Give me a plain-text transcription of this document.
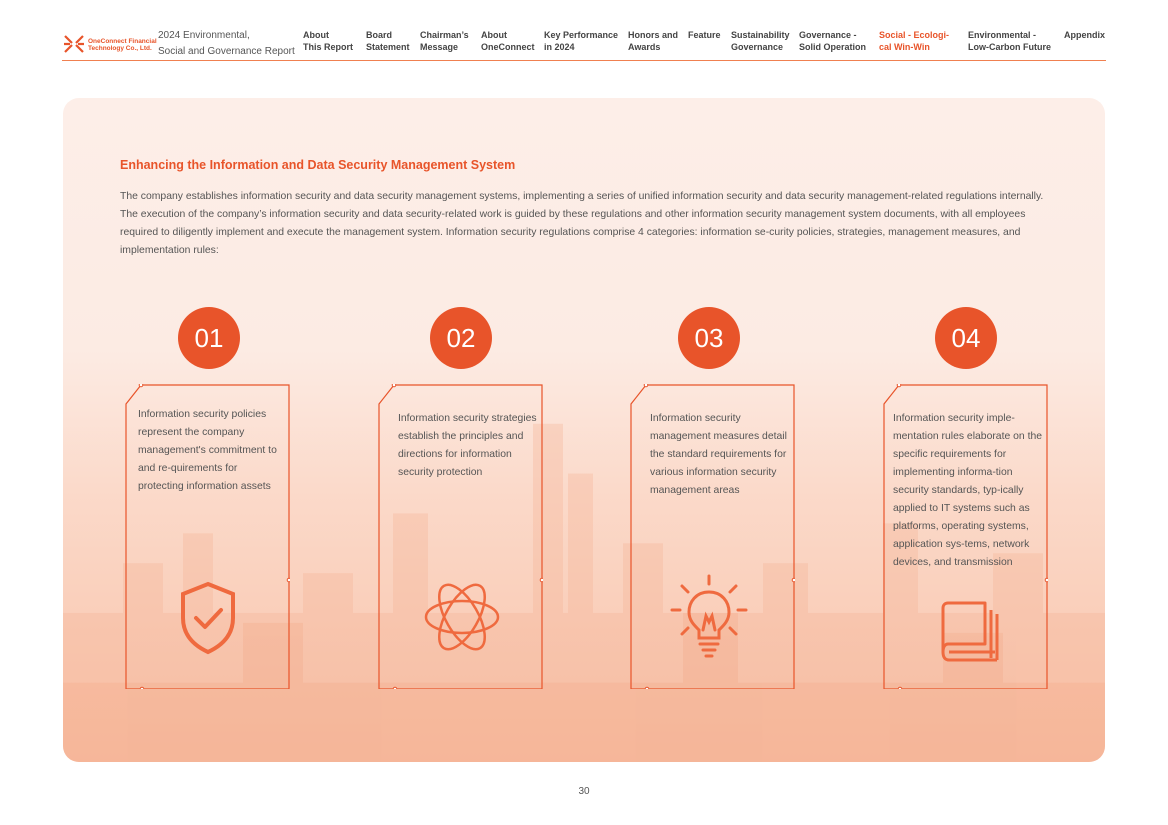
OneConnect Financial
Technology Co., Ltd.
2024 Environmental,
Social and Governance Report
About
This Report
Board
Statement
Chairman’s
Message
About
OneConnect
Key Performance
in 2024
Honors and
Awards
Feature Sustainability
Governance
Governance -
Solid Operation
Social - Ecologi-
cal Win-Win
Environmental -
Low-Carbon Future
Appendix
Enhancing the Information and Data Security Management System
The company establishes information security and data security management systems, implementing a series of unified information security and data security management-related regulations internally. The execution of the company’s information security and data security-related work is guided by these regulations and other information security management system documents, with all employees required to diligently implement and execute the management system. Information security regulations comprise 4 categories: information se-curity policies, strategies, management measures, and implementation rules:
01	02	03	04
Information security policies represent the company management's commitment to and re-quirements for protecting information assets
Information security strategies establish the principles and directions for information security protection
Information security management measures detail the standard requirements for various information security management areas
Information security imple-mentation rules elaborate on the specific requirements for implementing informa-tion security standards, typ-ically applied to IT systems such as platforms, operating systems, application sys-tems, network devices, and transmission
30
